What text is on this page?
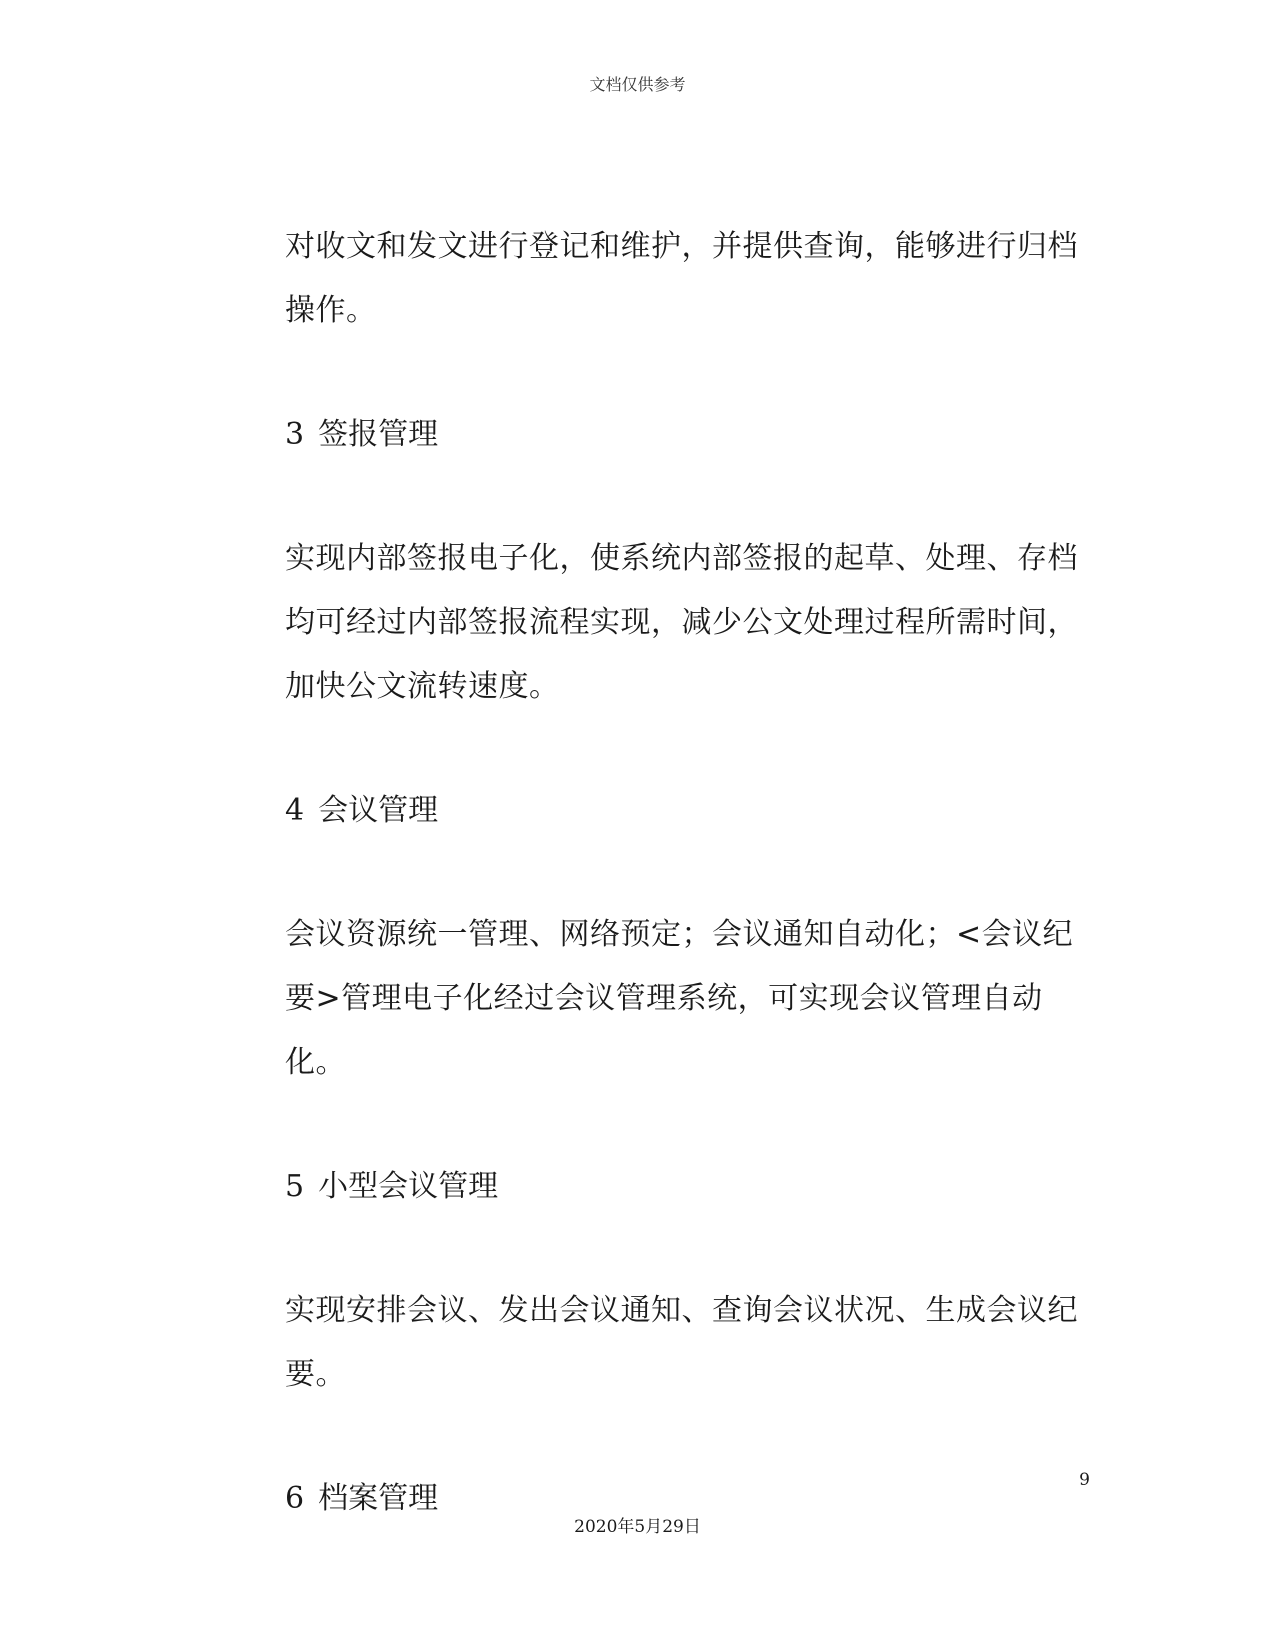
文档仅供参考

对收文和发文进行登记和维护，并提供查询，能够进行归档操作。

3 签报管理

实现内部签报电子化，使系统内部签报的起草、处理、存档均可经过内部签报流程实现，减少公文处理过程所需时间，加快公文流转速度。

4 会议管理

会议资源统一管理、网络预定；会议通知自动化；<会议纪要>管理电子化经过会议管理系统，可实现会议管理自动化。

5 小型会议管理

实现安排会议、发出会议通知、查询会议状况、生成会议纪要。

6 档案管理

9
2020年5月29日
